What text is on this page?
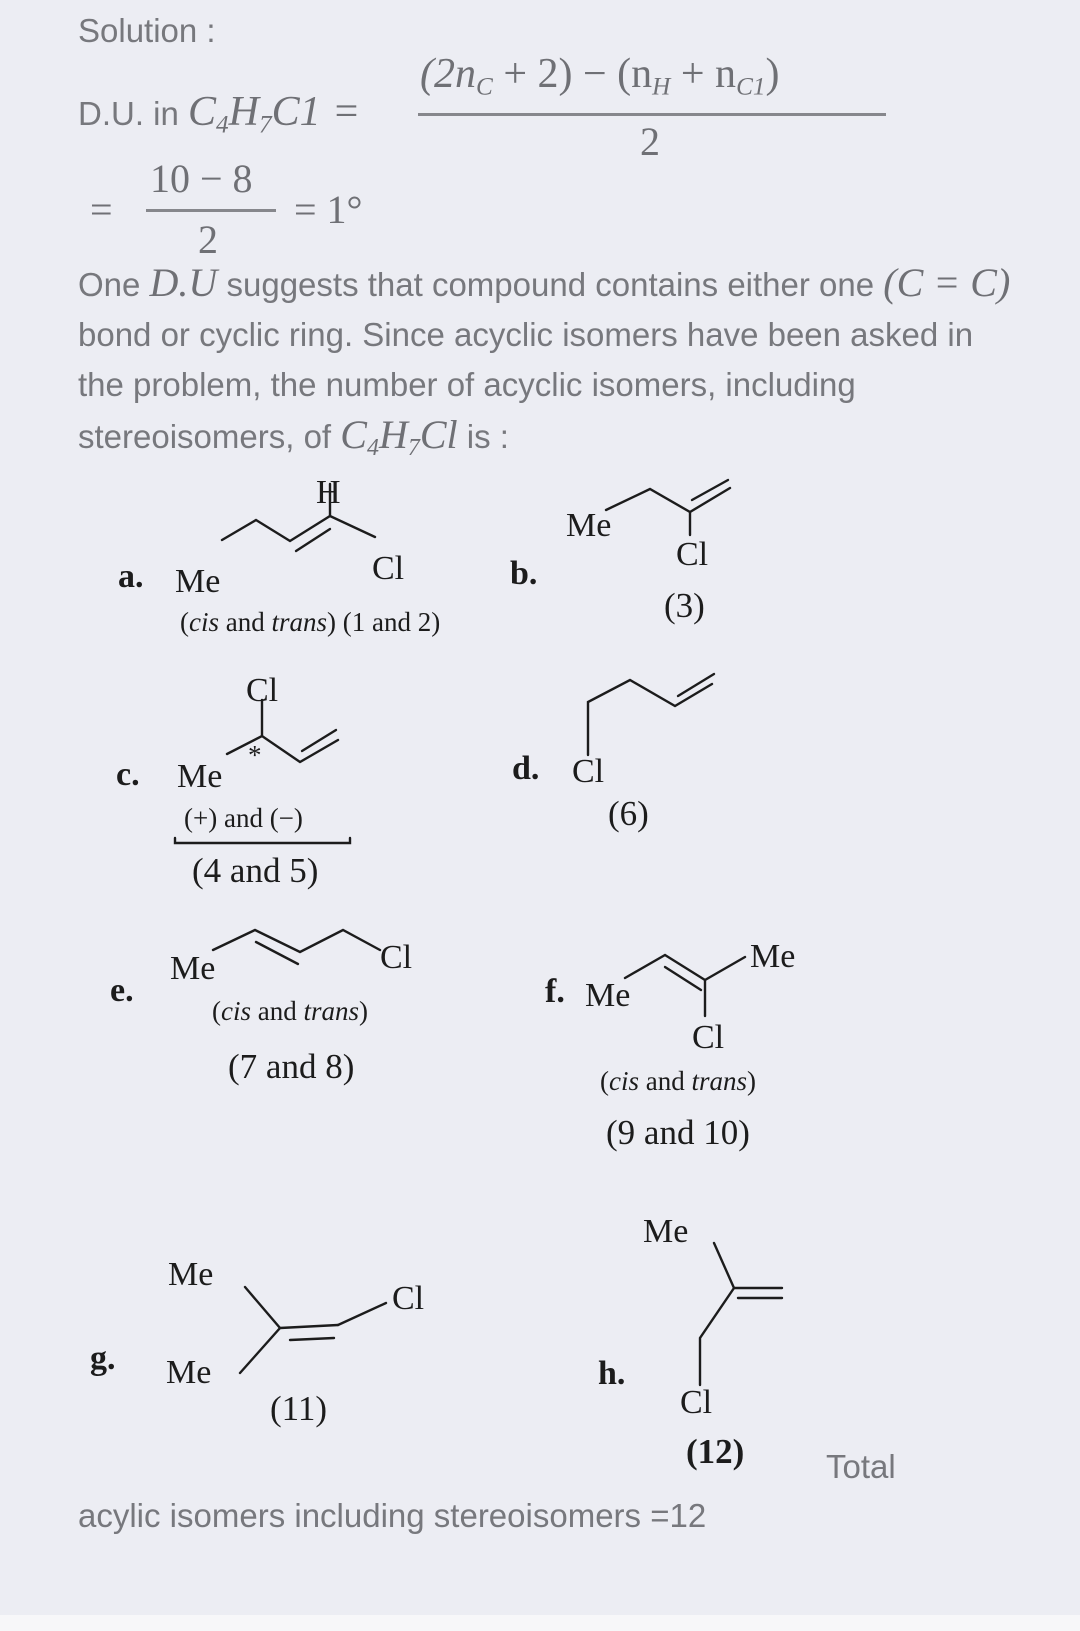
Solution :
D.U. in $C_4H_7C1$ =
$(2n_C + 2) - (n_H + n_{C1})$
2
=
10 − 8
2
= 1°
One D.U suggests that compound contains either one (C = C) bond or cyclic ring. Since acyclic isomers have been asked in the problem, the number of acyclic isomers, including stereoisomers, of $C_4H_7Cl$ is :
a.
H
Me	Cl
(cis and trans) (1 and 2)
b.
Me
Cl
(3)
c.
Cl
*
Me
(+) and (−)
(4 and 5)
d. Cl
(6)
e.
Me	Cl
(cis and trans)
(7 and 8)
f. Me
Me
Cl
(cis and trans)
(9 and 10)
g.
Me
Me
Cl
(11)
h.
Me
Cl
(12) Total
acylic isomers including stereoisomers =12
